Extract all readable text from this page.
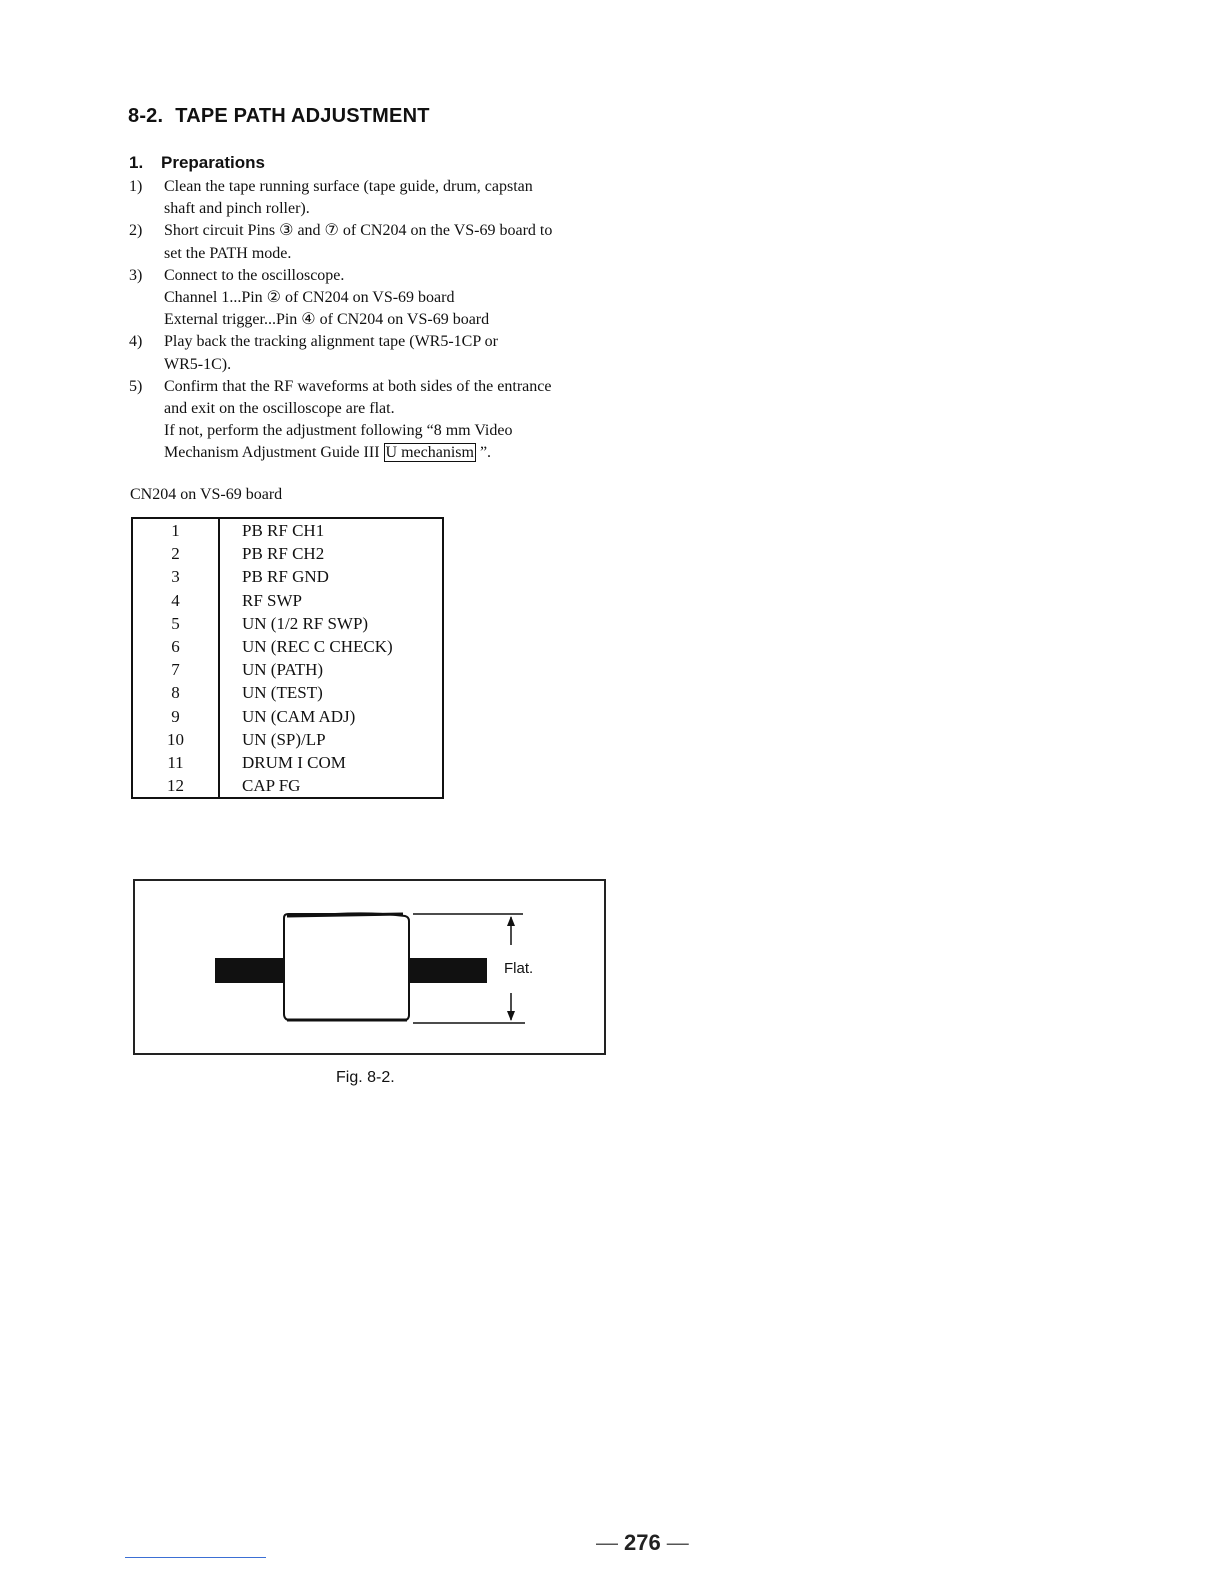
8-2. TAPE PATH ADJUSTMENT
1. Preparations
1)	Clean the tape running surface (tape guide, drum, capstan
shaft and pinch roller).
2)	Short circuit Pins ③ and ⑦ of CN204 on the VS-69 board to
set the PATH mode.
3)	Connect to the oscilloscope.
Channel 1...Pin ② of CN204 on VS-69 board
External trigger...Pin ④ of CN204 on VS-69 board
4)	Play back the tracking alignment tape (WR5-1CP or
WR5-1C).
5)	Confirm that the RF waveforms at both sides of the entrance
and exit on the oscilloscope are flat.
If not, perform the adjustment following “8 mm Video
Mechanism Adjustment Guide III U mechanism ”.
CN204 on VS-69 board
1	PB RF CH1
2	PB RF CH2
3	PB RF GND
4	RF SWP
5	UN (1/2 RF SWP)
6	UN (REC C CHECK)
7	UN (PATH)
8	UN (TEST)
9	UN (CAM ADJ)
10	UN (SP)/LP
11	DRUM I COM
12	CAP FG
Flat.
Fig. 8-2.
— 276 —
